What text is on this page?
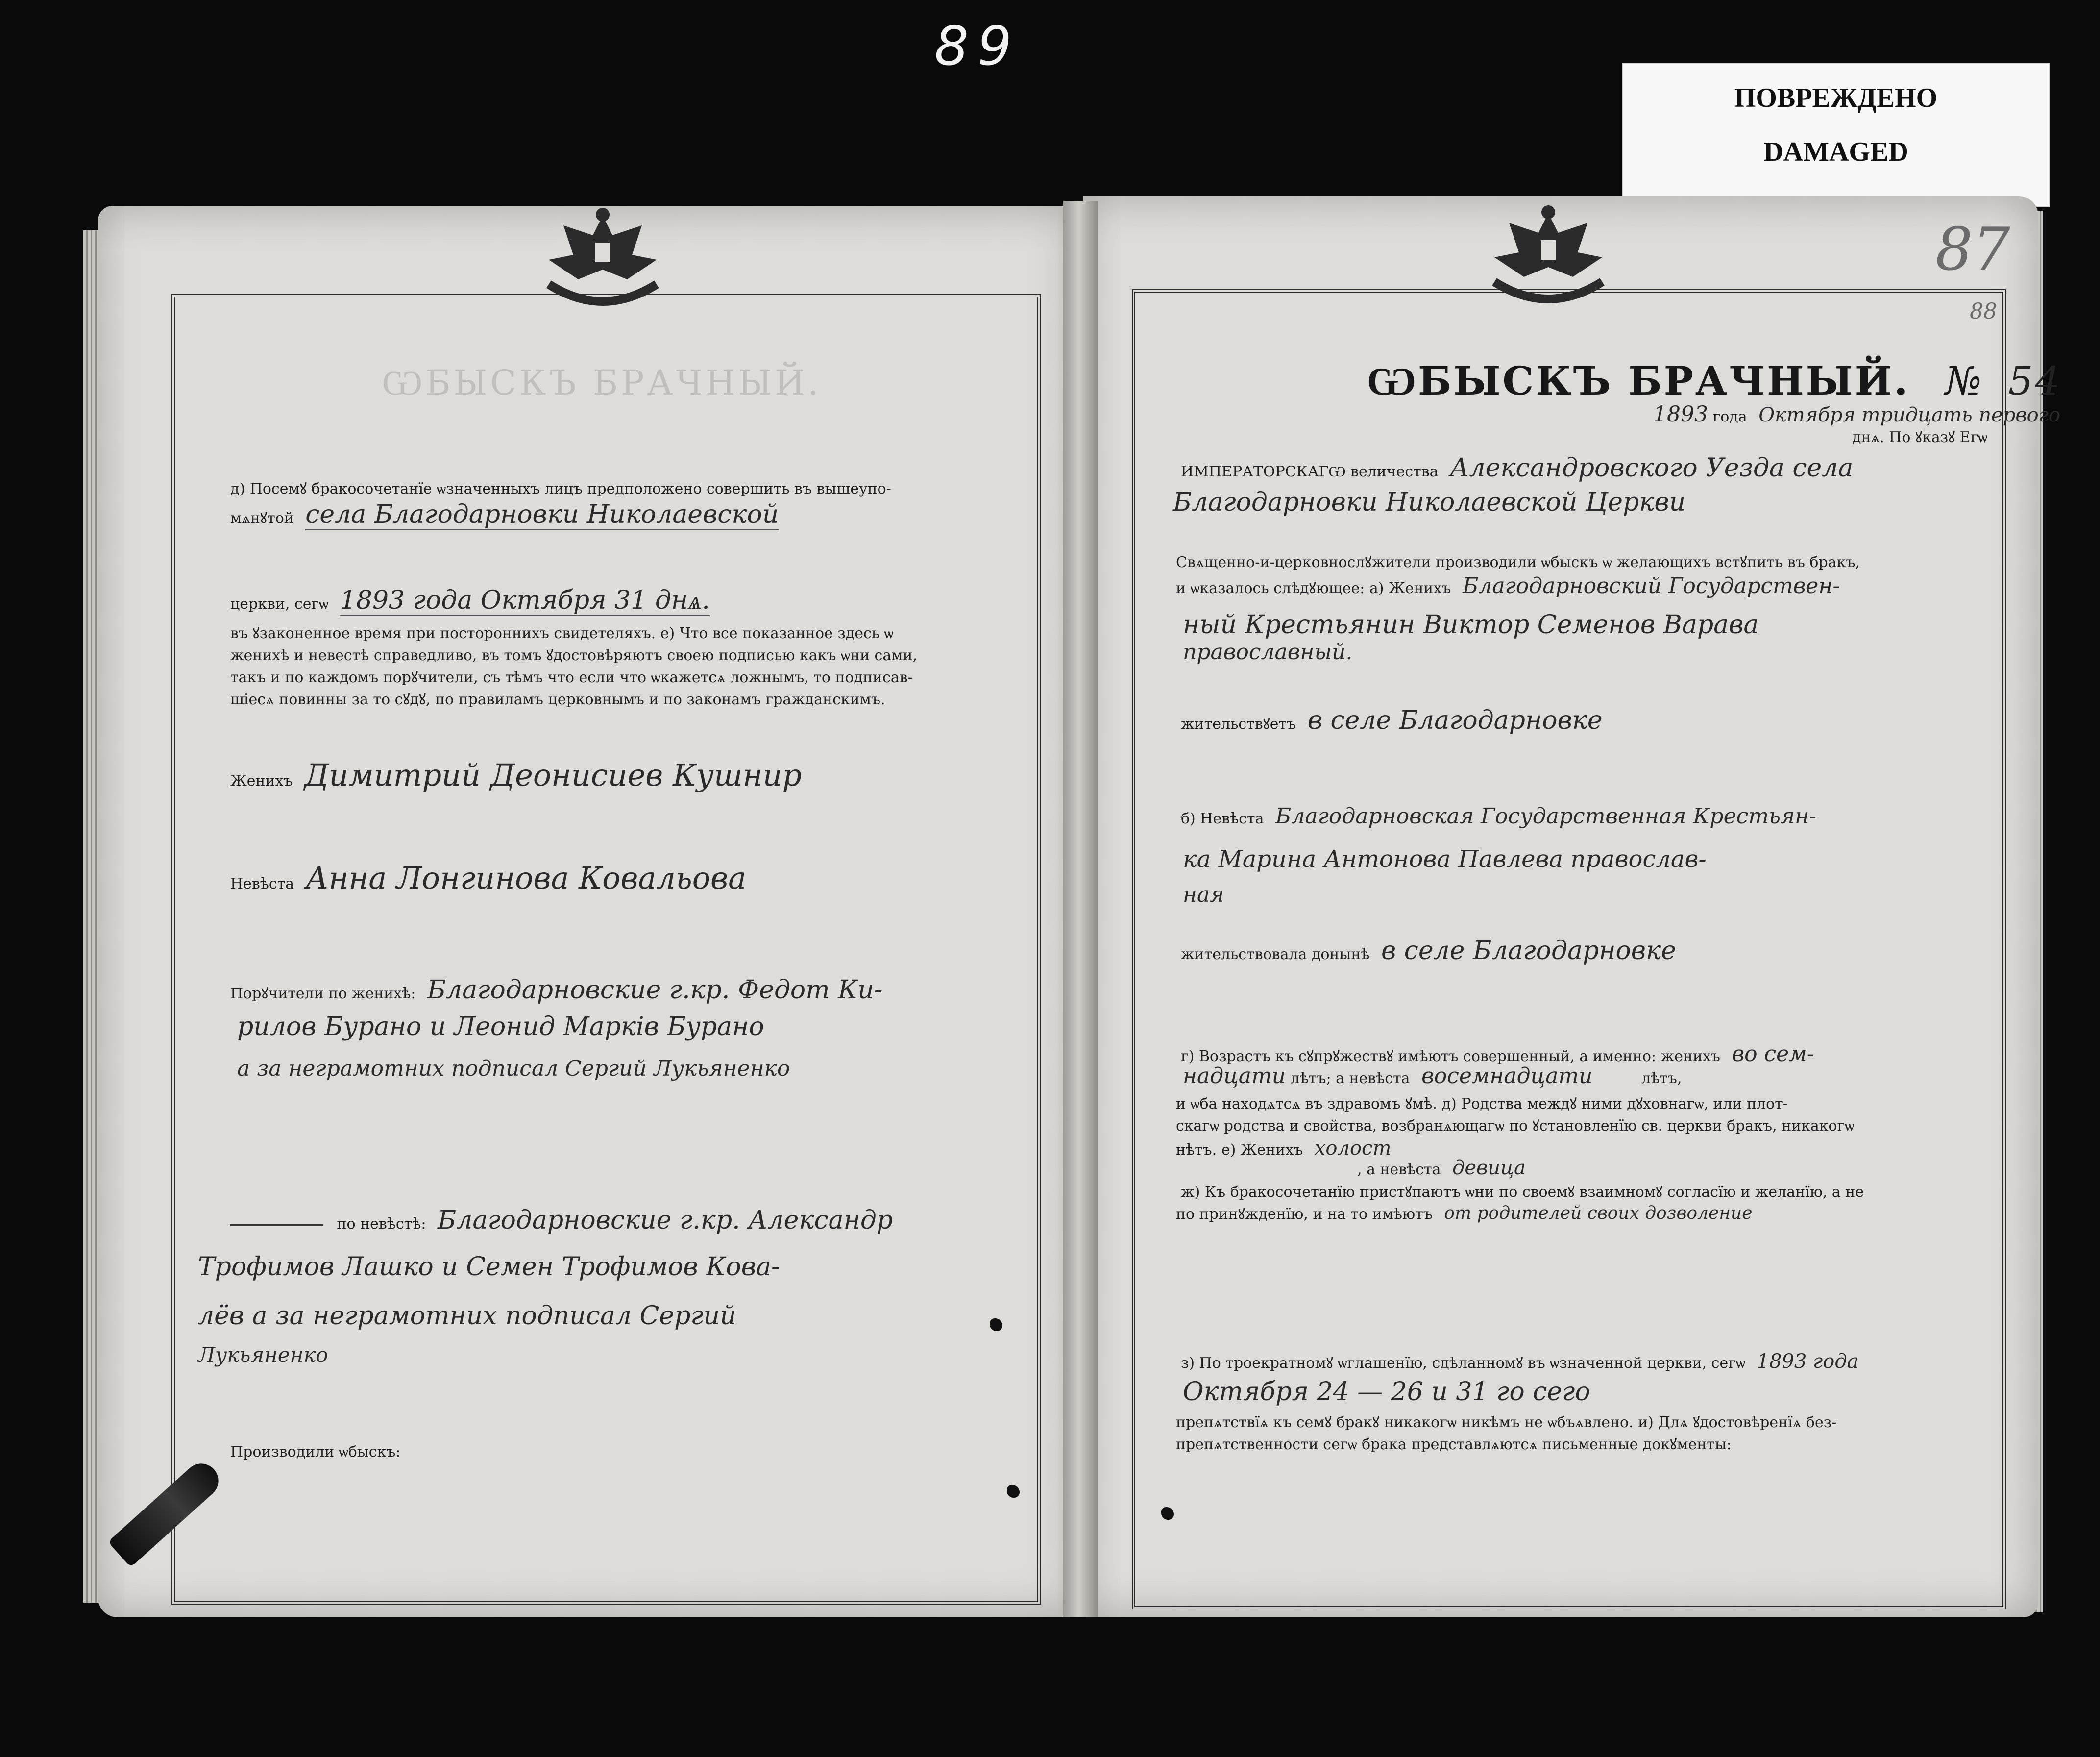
89
ПОВРЕЖДЕНО
DAMAGED
ѠБЫСКЪ БРАЧНЫЙ.
87
88
д) Посемꙋ бракосочетанїе ѡзначенныхъ лицъ предположено совершить въ вышеупо-
мѧнꙋтой села Благодарновки Николаевской
церкви, сегѡ 1893 года Октября 31 днѧ.
въ ꙋзаконенное время при постороннихъ свидетеляхъ. е) Что все показанное здесь ѡ
женихѣ и невестѣ справедливо, въ томъ ꙋдостовѣряютъ своею подписью какъ ѡни сами,
такъ и по каждомъ порꙋчители, съ тѣмъ что если что ѡкажетсѧ ложнымъ, то подписав-
шіесѧ повинны за то сꙋдꙋ, по правиламъ церковнымъ и по законамъ гражданскимъ.
Женихъ Димитрий Деонисиев Кушнир
Невѣста Анна Лонгинова Ковальова
Порꙋчители по женихѣ: Благодарновские г.кр. Федот Ки-
рилов Бурано и Леонид Маркiв Бурано
а за неграмотних подписал Сергий Лукьяненко
по невѣстѣ: Благодарновские г.кр. Александр
Трофимов Лашко и Семен Трофимов Кова-
лёв а за неграмотних подписал Сергий
Лукьяненко
Производили ѡбыскъ:
ѠБЫСКЪ БРАЧНЫЙ. № 54
1893 года Октября тридцать первого
днѧ. По ꙋказꙋ Егѡ
ИМПЕРАТОРСКАГѠ величества Александровского Уезда села
Благодарновки Николаевской Церкви
Свѧщенно-и-церковнослꙋжители производили ѡбыскъ ѡ желающихъ встꙋпить въ бракъ,
и ѡказалось слѣдꙋющее: а) Женихъ Благодарновский Государствен-
ный Крестьянин Виктор Семенов Варава
православный.
жительствꙋетъ в селе Благодарновке
б) Невѣста Благодарновская Государственная Крестьян-
ка Марина Антонова Павлева православ-
ная
жительствовала донынѣ в селе Благодарновке
г) Возрастъ къ сꙋпрꙋжествꙋ имѣютъ совершенный, а именно: женихъ во сем-
надцати лѣтъ; а невѣста восемнадцати	лѣтъ,
и ѡба находѧтсѧ въ здравомъ ꙋмѣ. д) Родства междꙋ ними дꙋховнагѡ, или плот-
скагѡ родства и свойства, возбранѧющагѡ по ꙋстановленїю св. церкви бракъ, никакогѡ
нѣтъ. е) Женихъ холост
, а невѣста девица
ж) Къ бракосочетанїю пристꙋпаютъ ѡни по своемꙋ взаимномꙋ согласїю и желанїю, а не
по принꙋжденїю, и на то имѣютъ от родителей своих дозволение
з) По троекратномꙋ ѡглашенїю, сдѣланномꙋ въ ѡзначенной церкви, сегѡ 1893 года
Октября 24 — 26 и 31 го сего
препѧтствїѧ къ семꙋ бракꙋ никакогѡ никѣмъ не ѡбъѧвлено. и) Длѧ ꙋдостовѣренїѧ без-
препѧтственности сегѡ брака представлѧютсѧ письменные докꙋменты:
